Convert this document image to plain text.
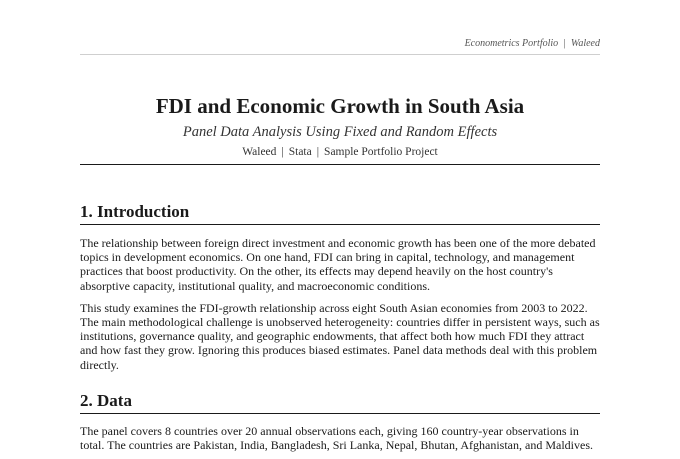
Econometrics Portfolio | Waleed
FDI and Economic Growth in South Asia

Panel Data Analysis Using Fixed and Random Effects

Waleed | Stata | Sample Portfolio Project

1. Introduction

The relationship between foreign direct investment and economic growth has been one of the more debated topics in development economics. On one hand, FDI can bring in capital, technology, and management practices that boost productivity. On the other, its effects may depend heavily on the host country's absorptive capacity, institutional quality, and macroeconomic conditions.

This study examines the FDI-growth relationship across eight South Asian economies from 2003 to 2022. The main methodological challenge is unobserved heterogeneity: countries differ in persistent ways, such as institutions, governance quality, and geographic endowments, that affect both how much FDI they attract and how fast they grow. Ignoring this produces biased estimates. Panel data methods deal with this problem directly.

2. Data

The panel covers 8 countries over 20 annual observations each, giving 160 country-year observations in total. The countries are Pakistan, India, Bangladesh, Sri Lanka, Nepal, Bhutan, Afghanistan, and Maldives.
